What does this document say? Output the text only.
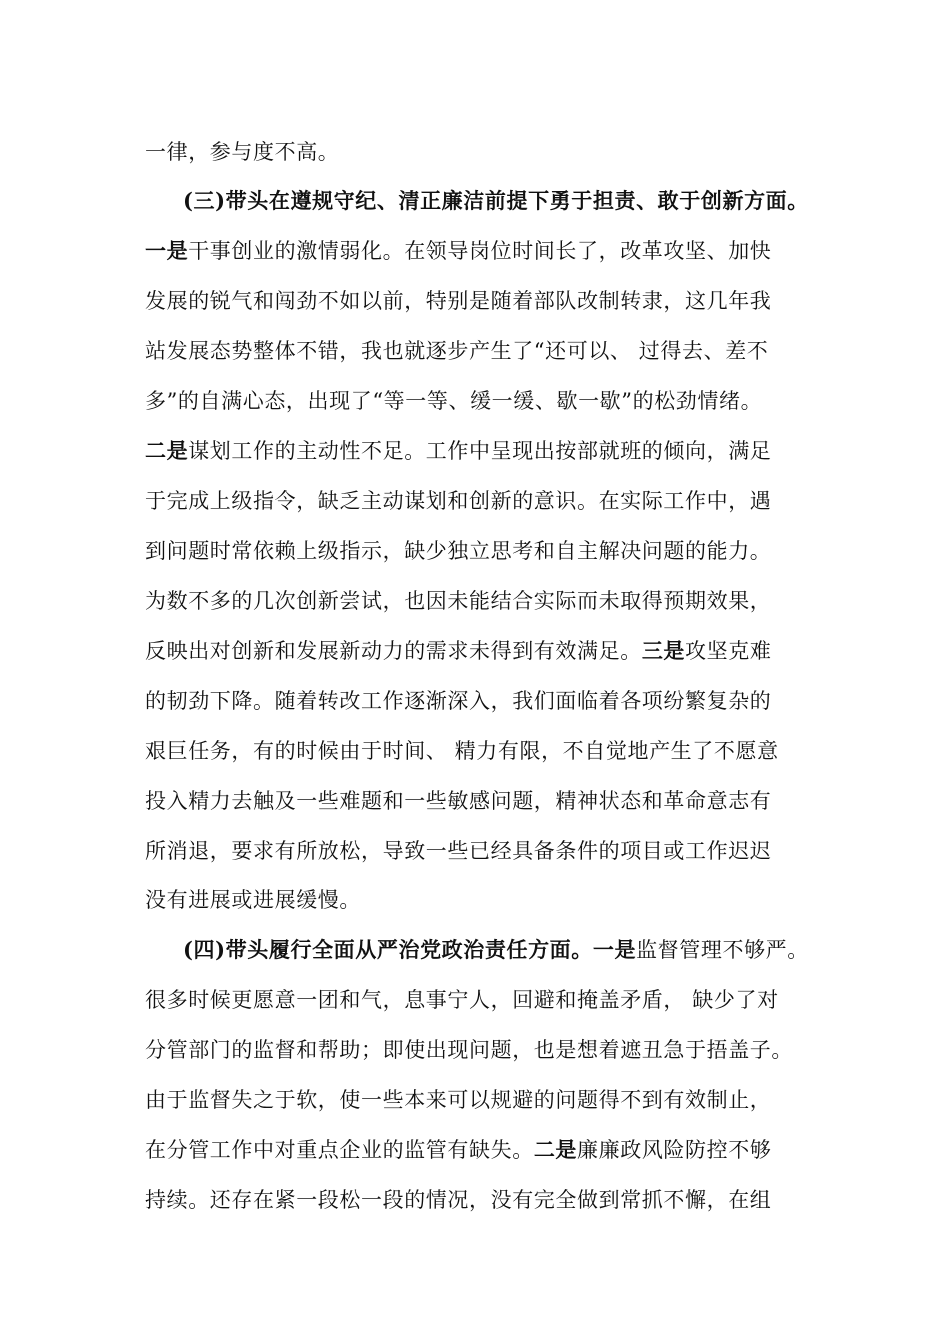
一律，参与度不高。
(三)带头在遵规守纪、清正廉洁前提下勇于担责、敢于创新方面。
一是干事创业的激情弱化。在领导岗位时间长了，改革攻坚、加快
发展的锐气和闯劲不如以前，特别是随着部队改制转隶，这几年我
站发展态势整体不错，我也就逐步产生了“还可以、 过得去、差不
多”的自满心态，出现了“等一等、缓一缓、歇一歇”的松劲情绪。
二是谋划工作的主动性不足。工作中呈现出按部就班的倾向，满足
于完成上级指令，缺乏主动谋划和创新的意识。在实际工作中，遇
到问题时常依赖上级指示，缺少独立思考和自主解决问题的能力。
为数不多的几次创新尝试，也因未能结合实际而未取得预期效果，
反映出对创新和发展新动力的需求未得到有效满足。三是攻坚克难
的韧劲下降。随着转改工作逐渐深入，我们面临着各项纷繁复杂的
艰巨任务，有的时候由于时间、 精力有限，不自觉地产生了不愿意
投入精力去触及一些难题和一些敏感问题，精神状态和革命意志有
所消退，要求有所放松，导致一些已经具备条件的项目或工作迟迟
没有进展或进展缓慢。
(四)带头履行全面从严治党政治责任方面。一是监督管理不够严。
很多时候更愿意一团和气，息事宁人，回避和掩盖矛盾， 缺少了对
分管部门的监督和帮助；即使出现问题，也是想着遮丑急于捂盖子。
由于监督失之于软，使一些本来可以规避的问题得不到有效制止，
在分管工作中对重点企业的监管有缺失。二是廉廉政风险防控不够
持续。还存在紧一段松一段的情况，没有完全做到常抓不懈，在组
